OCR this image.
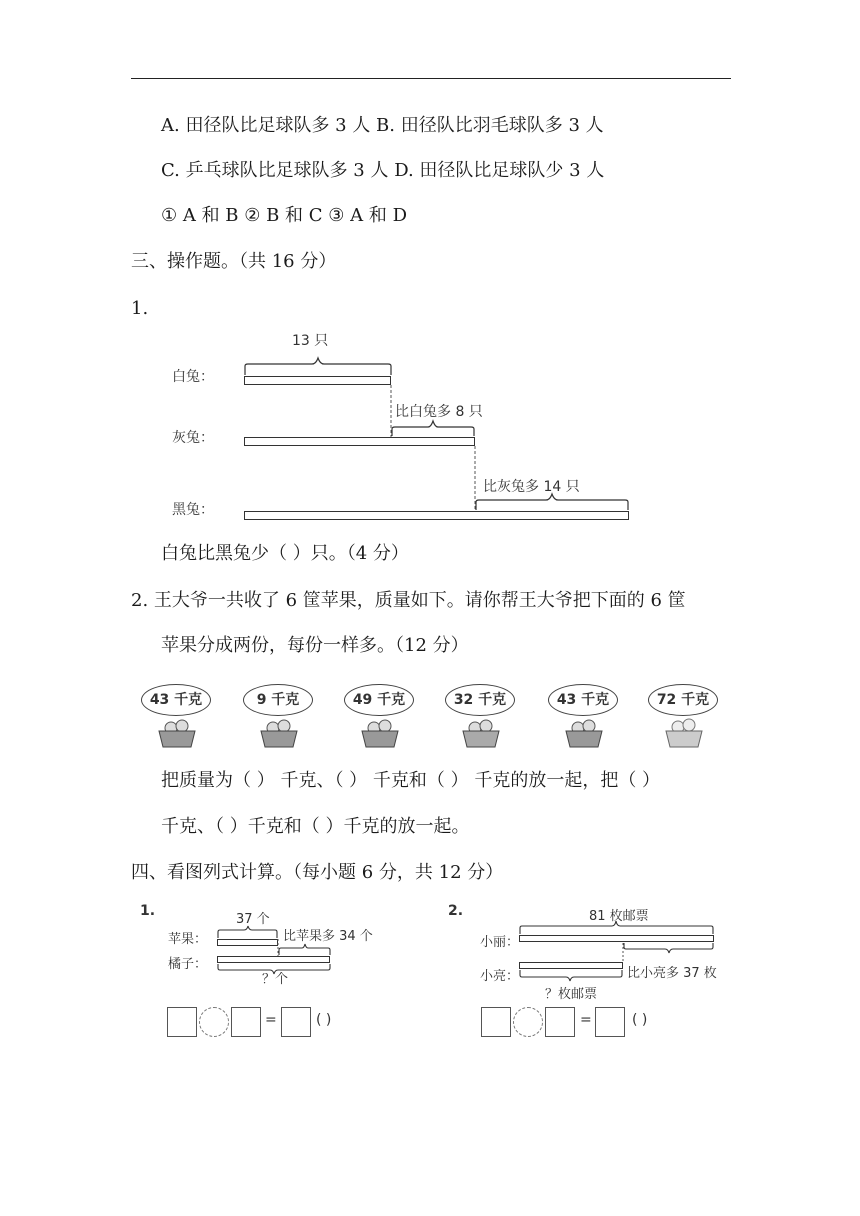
A. 田径队比足球队多 3 人 B. 田径队比羽毛球队多 3 人
C. 乒乓球队比足球队多 3 人 D. 田径队比足球队少 3 人
① A 和 B ② B 和 C ③ A 和 D
三、操作题。（共 16 分）
1.
13 只
白兔：
灰兔：
黑兔：
比白兔多 8 只
比灰兔多 14 只
白兔比黑兔少（ ）只。（4 分）
2. 王大爷一共收了 6 筐苹果，质量如下。请你帮王大爷把下面的 6 筐
苹果分成两份，每份一样多。（12 分）
43 千克	9 千克	49 千克	32 千克	43 千克	72 千克
把质量为（ ） 千克、（ ） 千克和（ ） 千克的放一起，把（ ）
千克、（ ）千克和（ ）千克的放一起。
四、看图列式计算。（每小题 6 分，共 12 分）
1.
37 个
苹果：
橘子：
比苹果多 34 个
？个
=	( )
2.	81 枚邮票
小丽：
小亮：	比小亮多 37 枚
？枚邮票
=	( )
